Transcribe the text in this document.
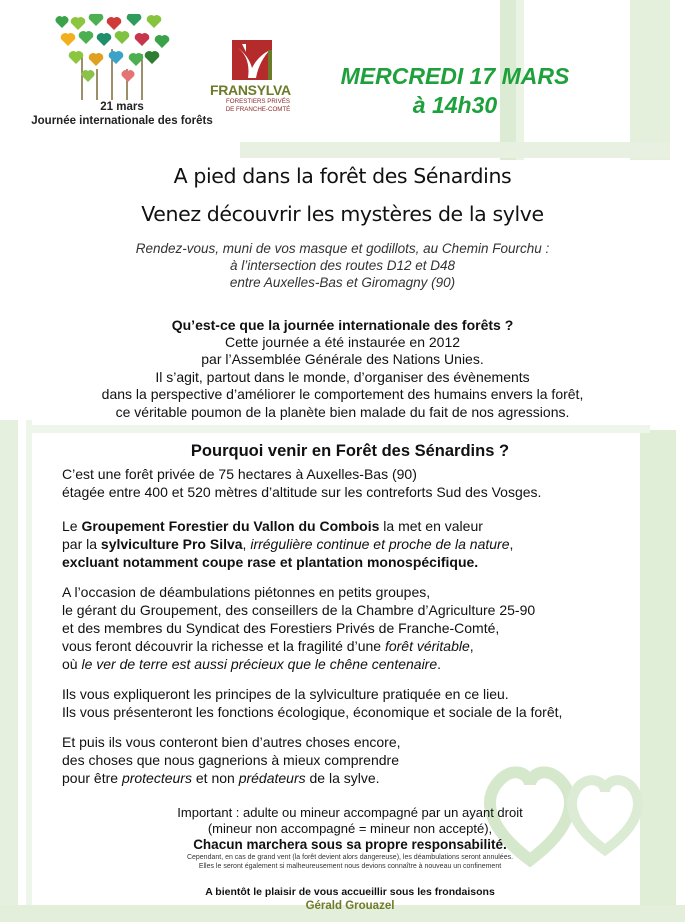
21 mars
Journée internationale des forêts
FRANSYLVA
FORESTIERS PRIVÉS
DE FRANCHE-COMTÉ
MERCREDI 17 MARS
à 14h30
A pied dans la forêt des Sénardins
Venez découvrir les mystères de la sylve
Rendez-vous, muni de vos masque et godillots, au Chemin Fourchu :
à l’intersection des routes D12 et D48
entre Auxelles-Bas et Giromagny (90)
Qu’est-ce que la journée internationale des forêts ?
Cette journée a été instaurée en 2012
par l’Assemblée Générale des Nations Unies.
Il s’agit, partout dans le monde, d’organiser des évènements
dans la perspective d’améliorer le comportement des humains envers la forêt,
ce véritable poumon de la planète bien malade du fait de nos agressions.
Pourquoi venir en Forêt des Sénardins ?
C’est une forêt privée de 75 hectares à Auxelles-Bas (90)
étagée entre 400 et 520 mètres d’altitude sur les contreforts Sud des Vosges.
Le Groupement Forestier du Vallon du Combois la met en valeur
par la sylviculture Pro Silva, irrégulière continue et proche de la nature,
excluant notamment coupe rase et plantation monospécifique.
A l’occasion de déambulations piétonnes en petits groupes,
le gérant du Groupement, des conseillers de la Chambre d’Agriculture 25-90
et des membres du Syndicat des Forestiers Privés de Franche-Comté,
vous feront découvrir la richesse et la fragilité d’une forêt véritable,
où le ver de terre est aussi précieux que le chêne centenaire.
Ils vous expliqueront les principes de la sylviculture pratiquée en ce lieu.
Ils vous présenteront les fonctions écologique, économique et sociale de la forêt,
Et puis ils vous conteront bien d’autres choses encore,
des choses que nous gagnerions à mieux comprendre
pour être protecteurs et non prédateurs de la sylve.
Important : adulte ou mineur accompagné par un ayant droit
(mineur non accompagné = mineur non accepté),
Chacun marchera sous sa propre responsabilité.
Cependant, en cas de grand vent (la forêt devient alors dangereuse), les déambulations seront annulées.
Elles le seront également si malheureusement nous devions connaître à nouveau un confinement
A bientôt le plaisir de vous accueillir sous les frondaisons
Gérald Grouazel
